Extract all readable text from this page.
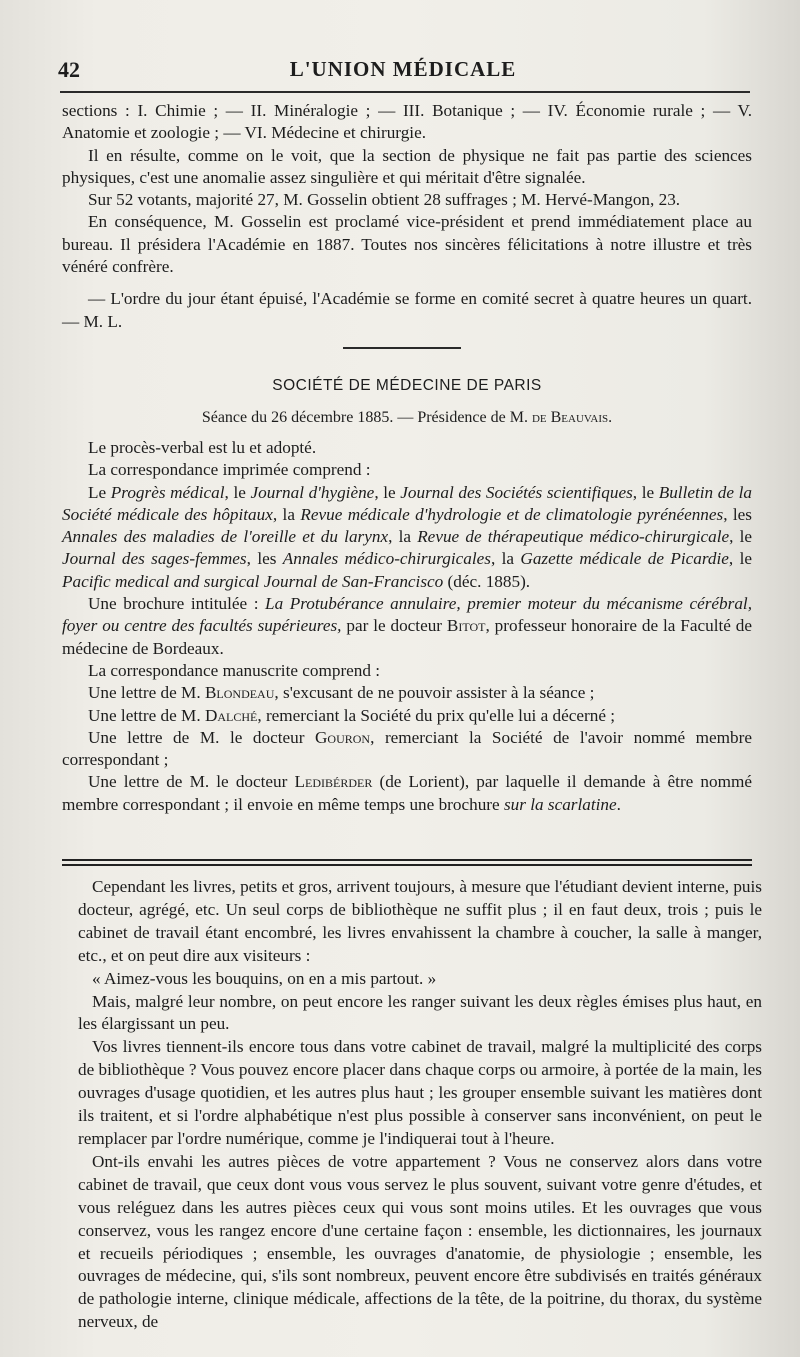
42	L'UNION MÉDICALE

sections : I. Chimie ; — II. Minéralogie ; — III. Botanique ; — IV. Économie rurale ; — V. Anatomie et zoologie ; — VI. Médecine et chirurgie.

Il en résulte, comme on le voit, que la section de physique ne fait pas partie des sciences physiques, c'est une anomalie assez singulière et qui méritait d'être signalée.

Sur 52 votants, majorité 27, M. Gosselin obtient 28 suffrages ; M. Hervé-Mangon, 23.

En conséquence, M. Gosselin est proclamé vice-président et prend immédiatement place au bureau. Il présidera l'Académie en 1887. Toutes nos sincères félicitations à notre illustre et très vénéré confrère.

— L'ordre du jour étant épuisé, l'Académie se forme en comité secret à quatre heures un quart. — M. L.

SOCIÉTÉ DE MÉDECINE DE PARIS
Séance du 26 décembre 1885. — Présidence de M. de Beauvais.

Le procès-verbal est lu et adopté.

La correspondance imprimée comprend :

Le Progrès médical, le Journal d'hygiène, le Journal des Sociétés scientifiques, le Bulletin de la Société médicale des hôpitaux, la Revue médicale d'hydrologie et de climatologie pyrénéennes, les Annales des maladies de l'oreille et du larynx, la Revue de thérapeutique médico-chirurgicale, le Journal des sages-femmes, les Annales médico-chirurgicales, la Gazette médicale de Picardie, le Pacific medical and surgical Journal de San-Francisco (déc. 1885).

Une brochure intitulée : La Protubérance annulaire, premier moteur du mécanisme cérébral, foyer ou centre des facultés supérieures, par le docteur Bitot, professeur honoraire de la Faculté de médecine de Bordeaux.

La correspondance manuscrite comprend :

Une lettre de M. Blondeau, s'excusant de ne pouvoir assister à la séance ;

Une lettre de M. Dalché, remerciant la Société du prix qu'elle lui a décerné ;

Une lettre de M. le docteur Gouron, remerciant la Société de l'avoir nommé membre correspondant ;

Une lettre de M. le docteur Ledibérder (de Lorient), par laquelle il demande à être nommé membre correspondant ; il envoie en même temps une brochure sur la scarlatine.

Cependant les livres, petits et gros, arrivent toujours, à mesure que l'étudiant devient interne, puis docteur, agrégé, etc. Un seul corps de bibliothèque ne suffit plus ; il en faut deux, trois ; puis le cabinet de travail étant encombré, les livres envahissent la chambre à coucher, la salle à manger, etc., et on peut dire aux visiteurs :

« Aimez-vous les bouquins, on en a mis partout. »

Mais, malgré leur nombre, on peut encore les ranger suivant les deux règles émises plus haut, en les élargissant un peu.

Vos livres tiennent-ils encore tous dans votre cabinet de travail, malgré la multiplicité des corps de bibliothèque ? Vous pouvez encore placer dans chaque corps ou armoire, à portée de la main, les ouvrages d'usage quotidien, et les autres plus haut ; les grouper ensemble suivant les matières dont ils traitent, et si l'ordre alphabétique n'est plus possible à conserver sans inconvénient, on peut le remplacer par l'ordre numérique, comme je l'indiquerai tout à l'heure.

Ont-ils envahi les autres pièces de votre appartement ? Vous ne conservez alors dans votre cabinet de travail, que ceux dont vous vous servez le plus souvent, suivant votre genre d'études, et vous reléguez dans les autres pièces ceux qui vous sont moins utiles. Et les ouvrages que vous conservez, vous les rangez encore d'une certaine façon : ensemble, les dictionnaires, les journaux et recueils périodiques ; ensemble, les ouvrages d'anatomie, de physiologie ; ensemble, les ouvrages de médecine, qui, s'ils sont nombreux, peuvent encore être subdivisés en traités généraux de pathologie interne, clinique médicale, affections de la tête, de la poitrine, du thorax, du système nerveux, de
